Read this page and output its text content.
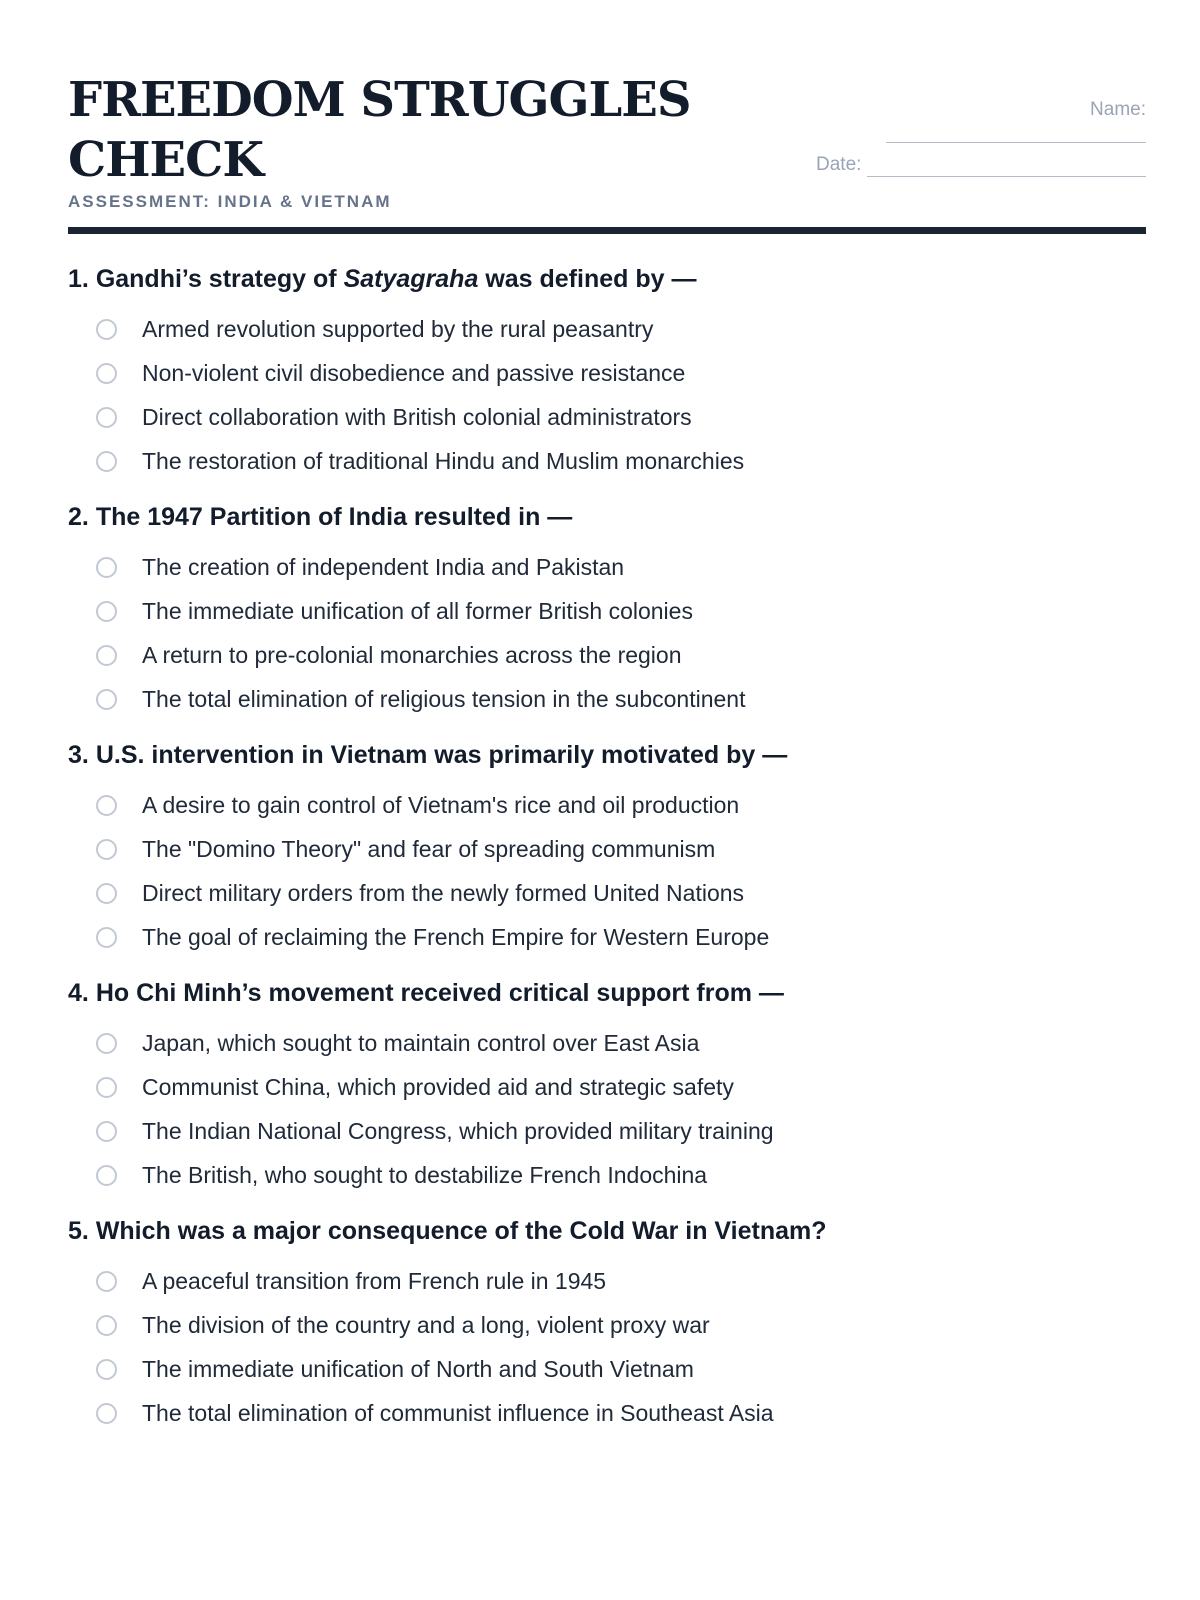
FREEDOM STRUGGLES CHECK
ASSESSMENT: INDIA & VIETNAM
Name:
Date:

1. Gandhi’s strategy of Satyagraha was defined by —

Armed revolution supported by the rural peasantry
Non-violent civil disobedience and passive resistance
Direct collaboration with British colonial administrators
The restoration of traditional Hindu and Muslim monarchies

2. The 1947 Partition of India resulted in —

The creation of independent India and Pakistan
The immediate unification of all former British colonies
A return to pre-colonial monarchies across the region
The total elimination of religious tension in the subcontinent

3. U.S. intervention in Vietnam was primarily motivated by —

A desire to gain control of Vietnam's rice and oil production
The "Domino Theory" and fear of spreading communism
Direct military orders from the newly formed United Nations
The goal of reclaiming the French Empire for Western Europe

4. Ho Chi Minh’s movement received critical support from —

Japan, which sought to maintain control over East Asia
Communist China, which provided aid and strategic safety
The Indian National Congress, which provided military training
The British, who sought to destabilize French Indochina

5. Which was a major consequence of the Cold War in Vietnam?

A peaceful transition from French rule in 1945
The division of the country and a long, violent proxy war
The immediate unification of North and South Vietnam
The total elimination of communist influence in Southeast Asia
